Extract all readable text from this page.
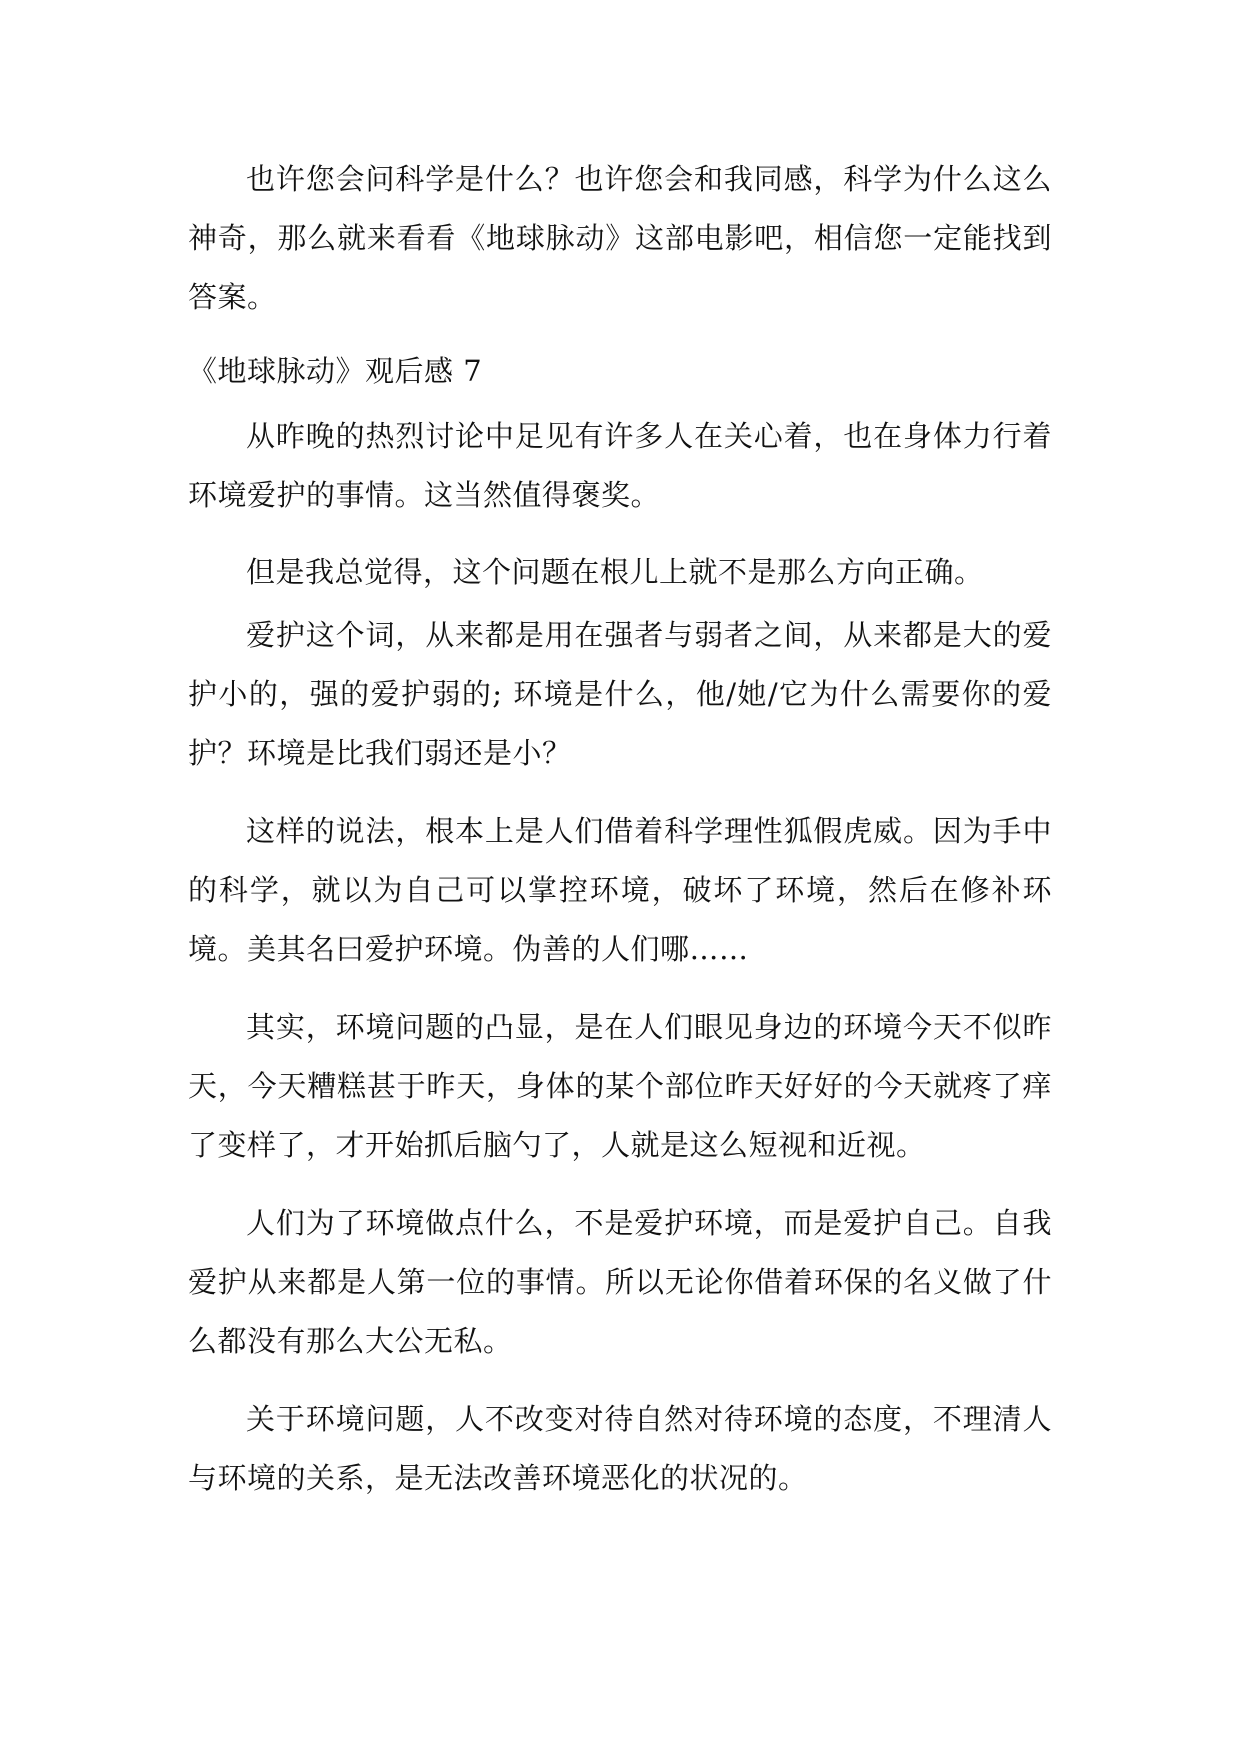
也许您会问科学是什么？也许您会和我同感，科学为什么这么神奇，那么就来看看《地球脉动》这部电影吧，相信您一定能找到答案。

《地球脉动》观后感 7

从昨晚的热烈讨论中足见有许多人在关心着，也在身体力行着环境爱护的事情。这当然值得褒奖。

但是我总觉得，这个问题在根儿上就不是那么方向正确。

爱护这个词，从来都是用在强者与弱者之间，从来都是大的爱护小的，强的爱护弱的; 环境是什么，他/她/它为什么需要你的爱护？环境是比我们弱还是小？

这样的说法，根本上是人们借着科学理性狐假虎威。因为手中的科学，就以为自己可以掌控环境，破坏了环境，然后在修补环境。美其名曰爱护环境。伪善的人们哪……

其实，环境问题的凸显，是在人们眼见身边的环境今天不似昨天，今天糟糕甚于昨天，身体的某个部位昨天好好的今天就疼了痒了变样了，才开始抓后脑勺了，人就是这么短视和近视。

人们为了环境做点什么，不是爱护环境，而是爱护自己。自我爱护从来都是人第一位的事情。所以无论你借着环保的名义做了什么都没有那么大公无私。

关于环境问题，人不改变对待自然对待环境的态度，不理清人与环境的关系，是无法改善环境恶化的状况的。
